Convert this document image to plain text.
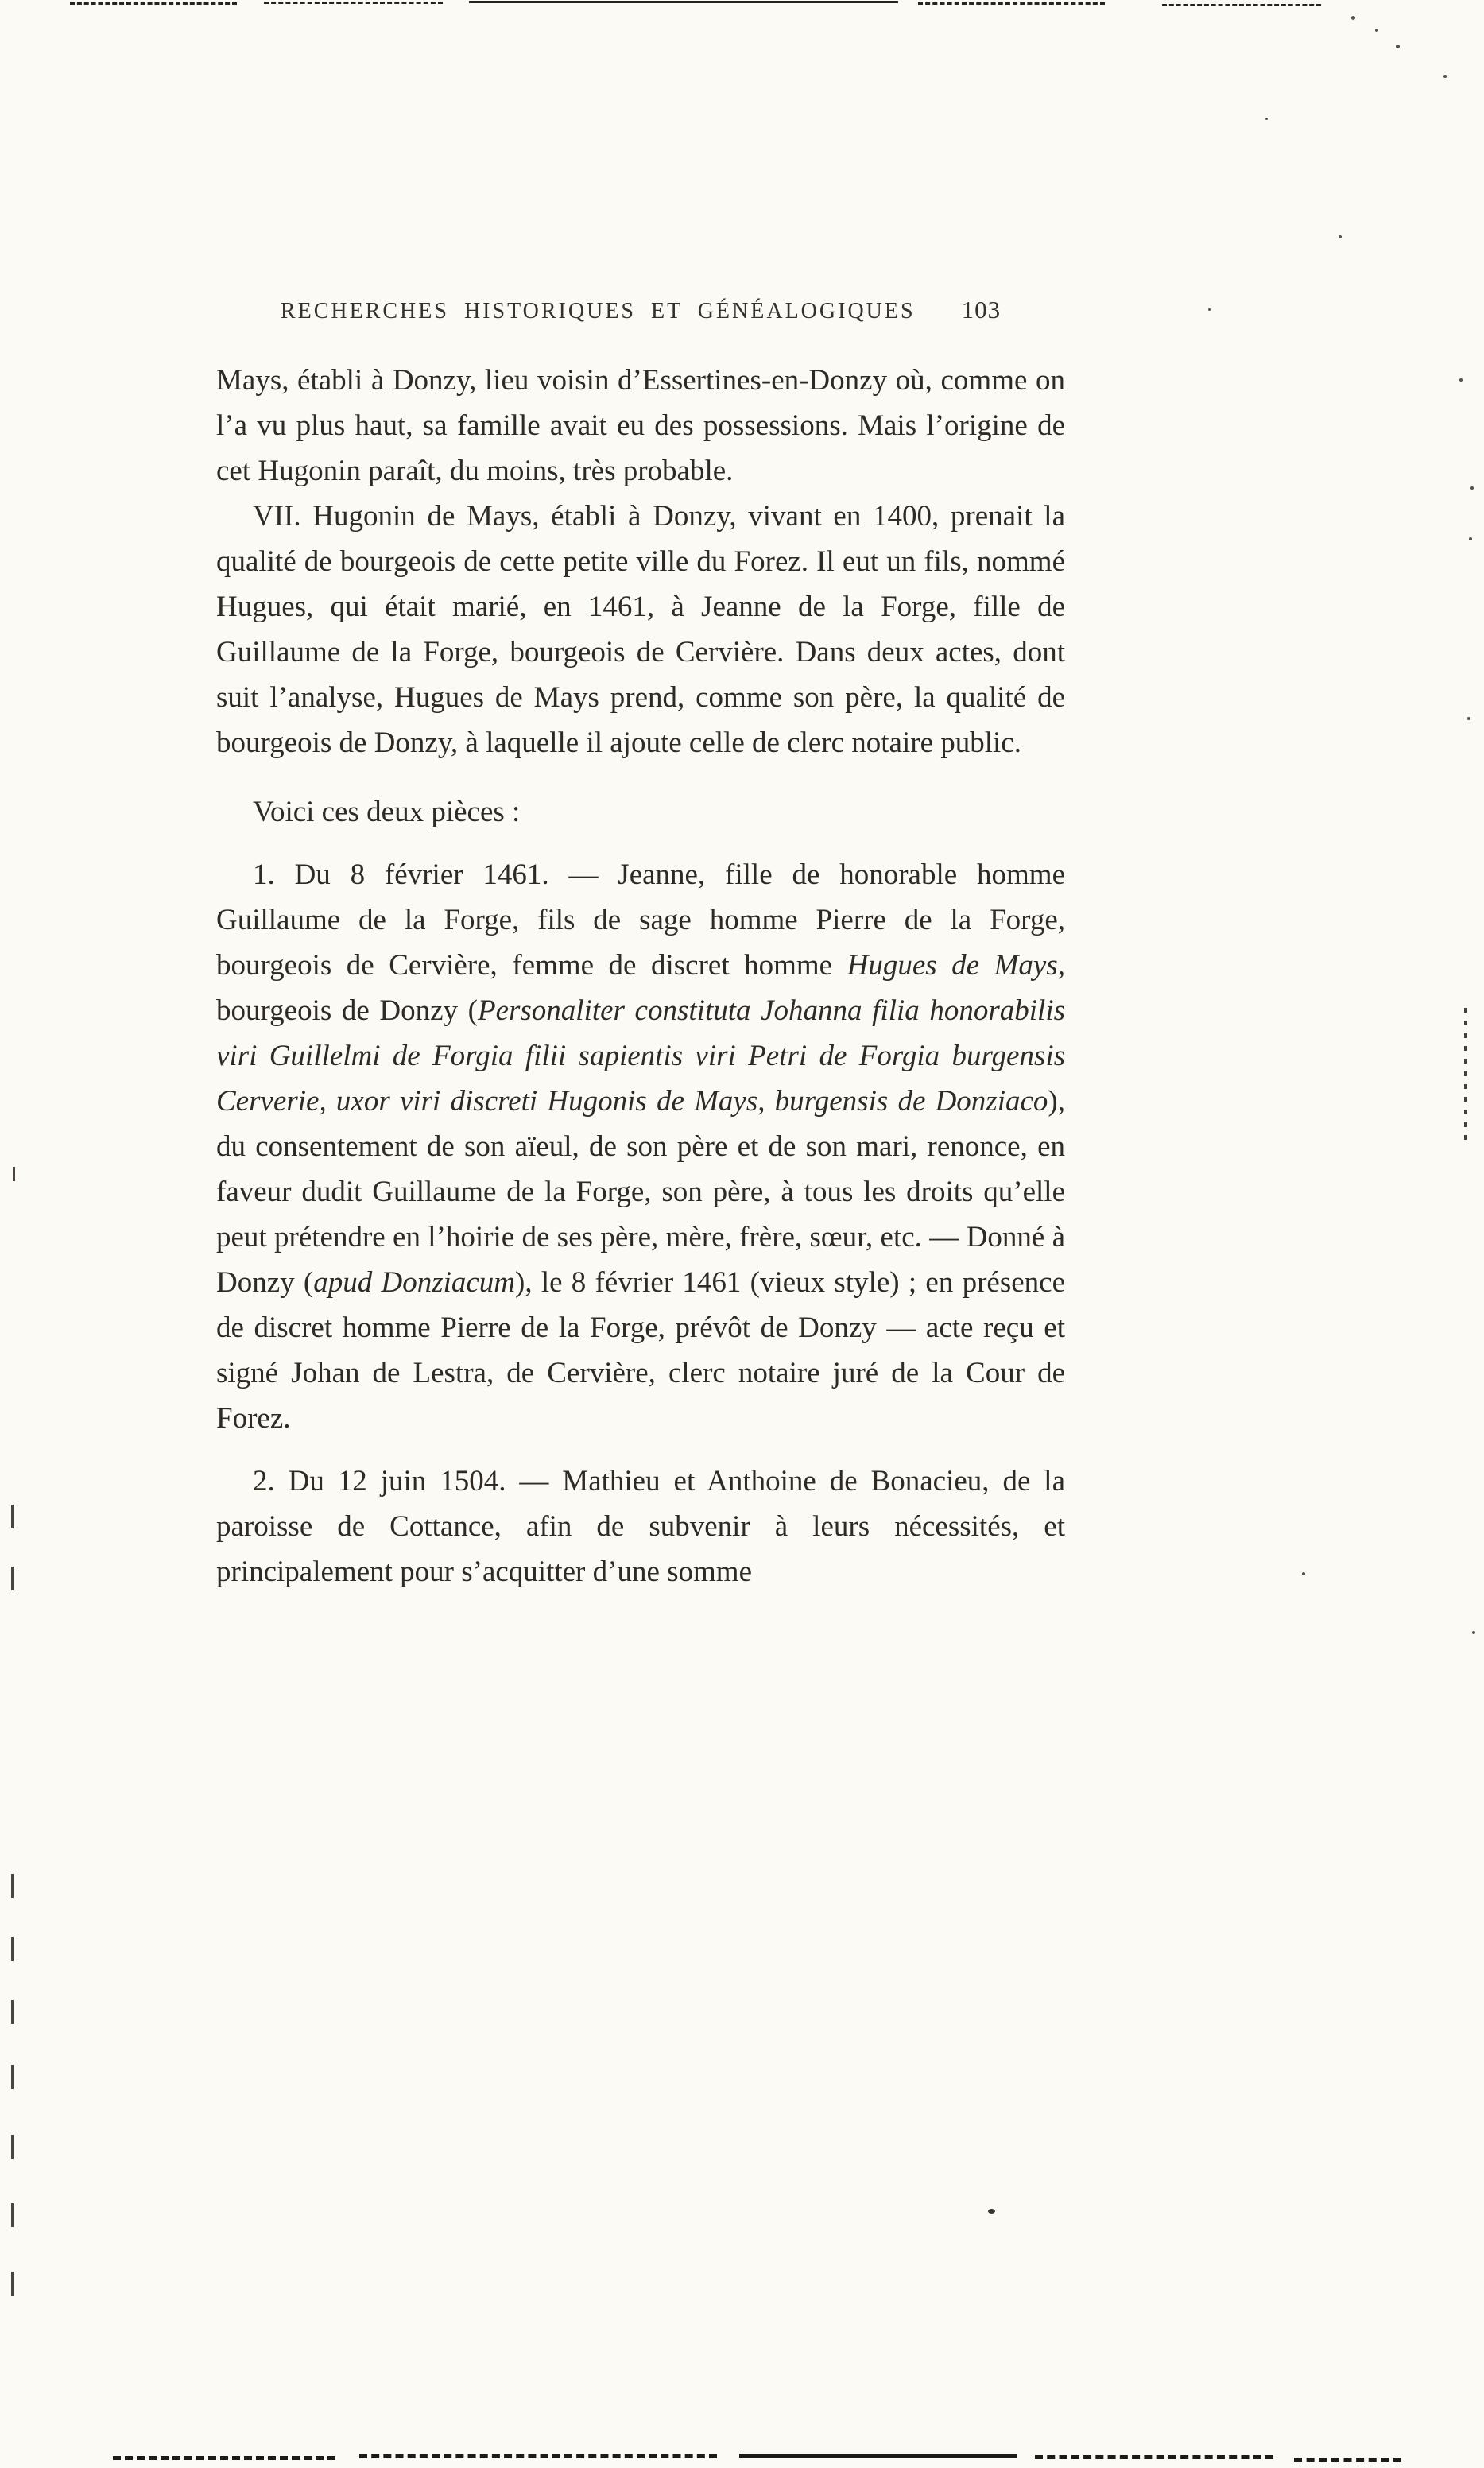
RECHERCHES HISTORIQUES ET GÉNÉALOGIQUES 103

Mays, établi à Donzy, lieu voisin d’Essertines-en-Donzy où, comme on l’a vu plus haut, sa famille avait eu des possessions. Mais l’origine de cet Hugonin paraît, du moins, très probable.

VII. Hugonin de Mays, établi à Donzy, vivant en 1400, prenait la qualité de bourgeois de cette petite ville du Forez. Il eut un fils, nommé Hugues, qui était marié, en 1461, à Jeanne de la Forge, fille de Guillaume de la Forge, bourgeois de Cervière. Dans deux actes, dont suit l’analyse, Hugues de Mays prend, comme son père, la qualité de bourgeois de Donzy, à laquelle il ajoute celle de clerc notaire public.

Voici ces deux pièces :

1. Du 8 février 1461. — Jeanne, fille de honorable homme Guillaume de la Forge, fils de sage homme Pierre de la Forge, bourgeois de Cervière, femme de discret homme Hugues de Mays, bourgeois de Donzy (Personaliter constituta Johanna filia honorabilis viri Guillelmi de Forgia filii sapientis viri Petri de Forgia burgensis Cerverie, uxor viri discreti Hugonis de Mays, burgensis de Donziaco), du consentement de son aïeul, de son père et de son mari, renonce, en faveur dudit Guillaume de la Forge, son père, à tous les droits qu’elle peut prétendre en l’hoirie de ses père, mère, frère, sœur, etc. — Donné à Donzy (apud Donziacum), le 8 février 1461 (vieux style) ; en présence de discret homme Pierre de la Forge, prévôt de Donzy — acte reçu et signé Johan de Lestra, de Cervière, clerc notaire juré de la Cour de Forez.

2. Du 12 juin 1504. — Mathieu et Anthoine de Bonacieu, de la paroisse de Cottance, afin de subvenir à leurs nécessités, et principalement pour s’acquitter d’une somme
